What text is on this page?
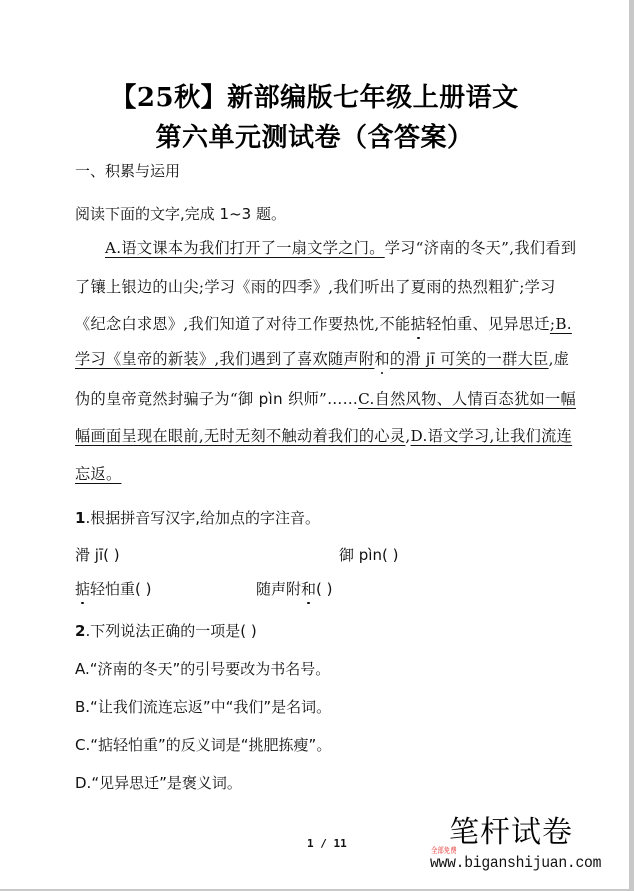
【25秋】新部编版七年级上册语文
第六单元测试卷（含答案）
一、积累与运用
阅读下面的文字,完成 1~3 题。
A.语文课本为我们打开了一扇文学之门。学习“济南的冬天”,我们看到
了镶上银边的山尖;学习《雨的四季》,我们听出了夏雨的热烈粗犷;学习
《纪念白求恩》,我们知道了对待工作要热忱,不能掂轻怕重、见异思迁;B.
学习《皇帝的新装》,我们遇到了喜欢随声附和的滑 jī 可笑的一群大臣,虚
伪的皇帝竟然封骗子为“御 pìn 织师”……C.自然风物、人情百态犹如一幅
幅画面呈现在眼前,无时无刻不触动着我们的心灵,D.语文学习,让我们流连
忘返。
1.根据拼音写汉字,给加点的字注音。
滑 jī( )	御 pìn( )
掂轻怕重( )	随声附和( )
2.下列说法正确的一项是( )
A.“济南的冬天”的引号要改为书名号。
B.“让我们流连忘返”中“我们”是名词。
C.“掂轻怕重”的反义词是“挑肥拣瘦”。
D.“见异思迁”是褒义词。
1 / 11	笔杆试卷
全部免费
www.biganshijuan.com
